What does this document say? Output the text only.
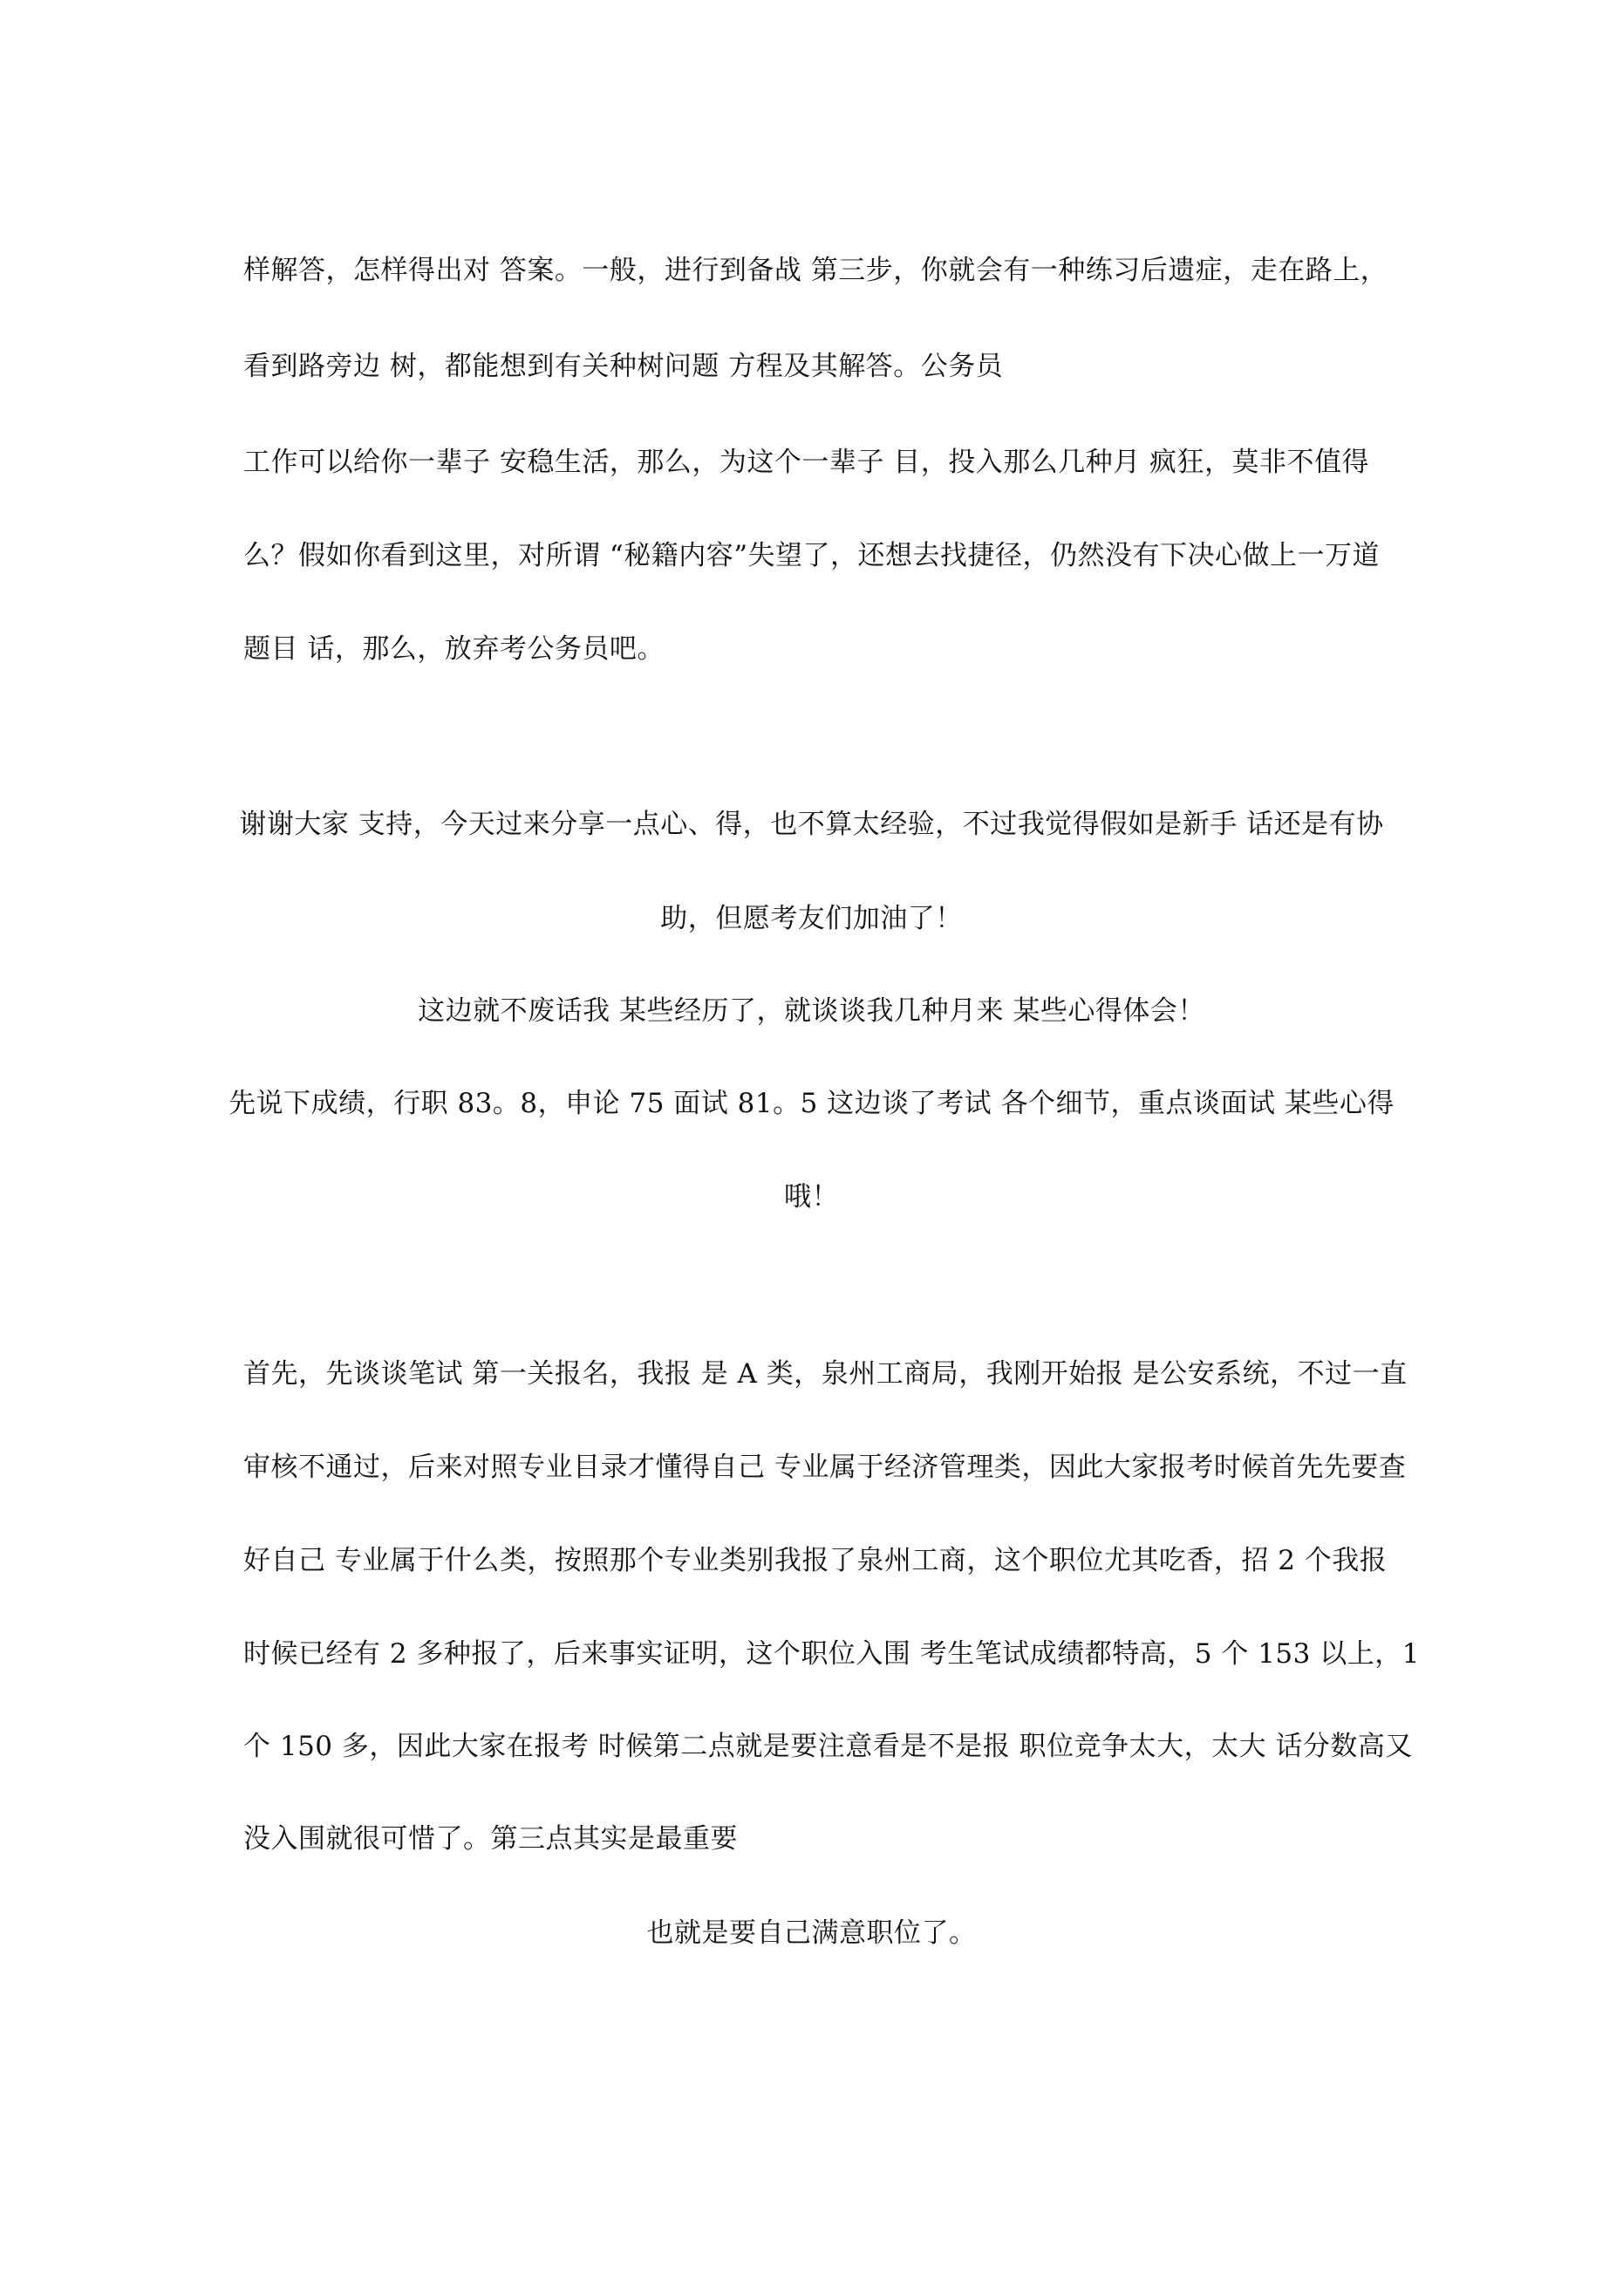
样解答，怎样得出对 答案。一般，进行到备战 第三步，你就会有一种练习后遗症，走在路上，
看到路旁边 树，都能想到有关种树问题 方程及其解答。公务员
工作可以给你一辈子 安稳生活，那么，为这个一辈子 目，投入那么几种月 疯狂，莫非不值得
么？假如你看到这里，对所谓 “秘籍内容”失望了，还想去找捷径，仍然没有下决心做上一万道
题目 话，那么，放弃考公务员吧。
谢谢大家 支持，今天过来分享一点心、得，也不算太经验，不过我觉得假如是新手 话还是有协
助，但愿考友们加油了！
这边就不废话我 某些经历了，就谈谈我几种月来 某些心得体会！
先说下成绩，行职 83。8，申论 75 面试 81。5 这边谈了考试 各个细节，重点谈面试 某些心得
哦！
首先，先谈谈笔试 第一关报名，我报 是 A 类，泉州工商局，我刚开始报 是公安系统，不过一直
审核不通过，后来对照专业目录才懂得自己 专业属于经济管理类，因此大家报考时候首先先要查
好自己 专业属于什么类，按照那个专业类别我报了泉州工商，这个职位尤其吃香，招 2 个我报
时候已经有 2 多种报了，后来事实证明，这个职位入围 考生笔试成绩都特高，5 个 153 以上，1
个 150 多，因此大家在报考 时候第二点就是要注意看是不是报 职位竞争太大，太大 话分数高又
没入围就很可惜了。第三点其实是最重要
也就是要自己满意职位了。
